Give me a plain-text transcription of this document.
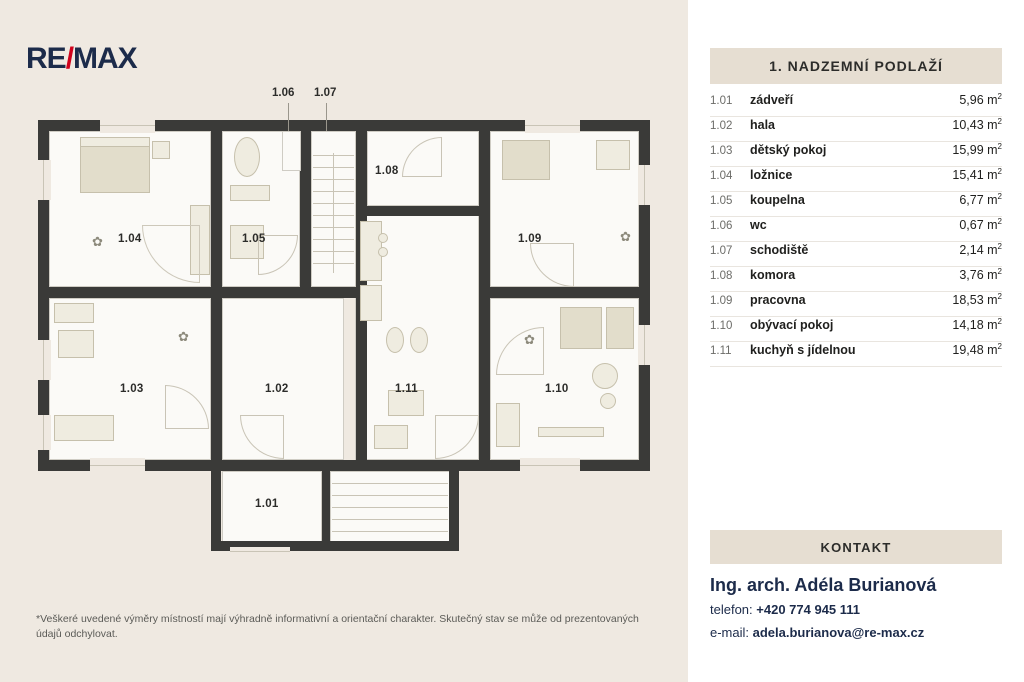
RE/MAX
1.06 1.07
✿	✿
✿	✿
1.04	1.05
1.08
1.09
1.03	1.02	1.11	1.10
1.01
*Veškeré uvedené výměry místností mají výhradně informativní a orientační charakter. Skutečný stav se může od prezentovaných údajů odchylovat.
1. NADZEMNÍ PODLAŽÍ
1.01	zádveří	5,96 $m^2$
1.02	hala	10,43 $m^2$
1.03	dětský pokoj	15,99 $m^2$
1.04	ložnice	15,41 $m^2$
1.05	koupelna	6,77 $m^2$
1.06	wc	0,67 $m^2$
1.07	schodiště	2,14 $m^2$
1.08	komora	3,76 $m^2$
1.09	pracovna	18,53 $m^2$
1.10	obývací pokoj	14,18 $m^2$
1.11	kuchyň s jídelnou	19,48 $m^2$
KONTAKT
Ing. arch. Adéla Burianová
telefon: +420 774 945 111
e-mail: adela.burianova@re-max.cz
